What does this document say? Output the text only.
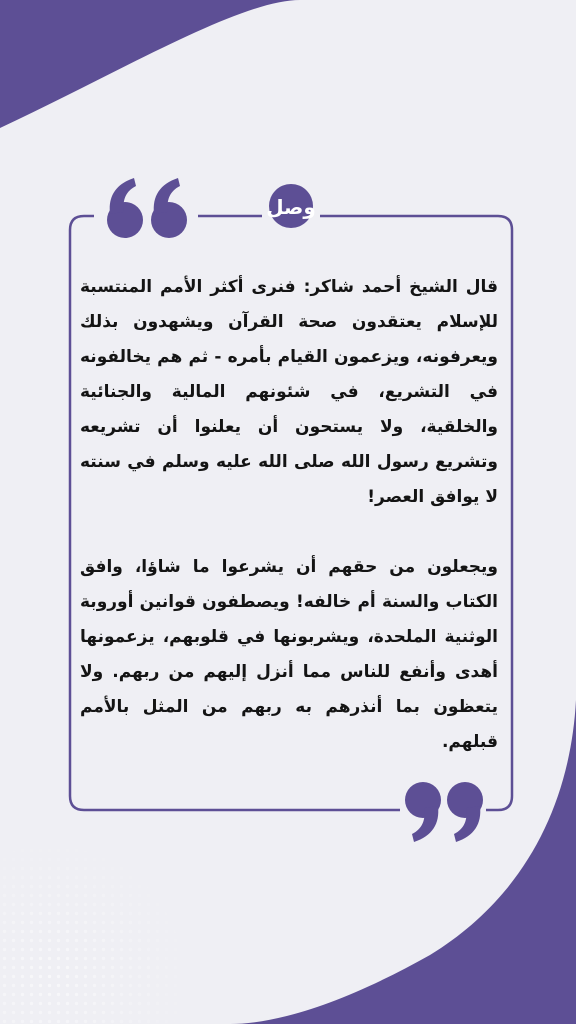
وصل

قال الشيخ أحمد شاكر: فنرى أكثر الأمم المنتسبة للإسلام يعتقدون صحة القرآن ويشهدون بذلك ويعرفونه، ويزعمون القيام بأمره - ثم هم يخالفونه في التشريع، في شئونهم المالية والجنائية والخلقية، ولا يستحون أن يعلنوا أن تشريعه وتشريع رسول الله صلى الله عليه وسلم في سنته لا يوافق العصر!

ويجعلون من حقهم أن يشرعوا ما شاؤا، وافق الكتاب والسنة أم خالفه! ويصطفون قوانين أوروبة الوثنية الملحدة، ويشربونها في قلوبهم، يزعمونها أهدى وأنفع للناس مما أنزل إليهم من ربهم. ولا يتعظون بما أنذرهم به ربهم من المثل بالأمم قبلهم.
